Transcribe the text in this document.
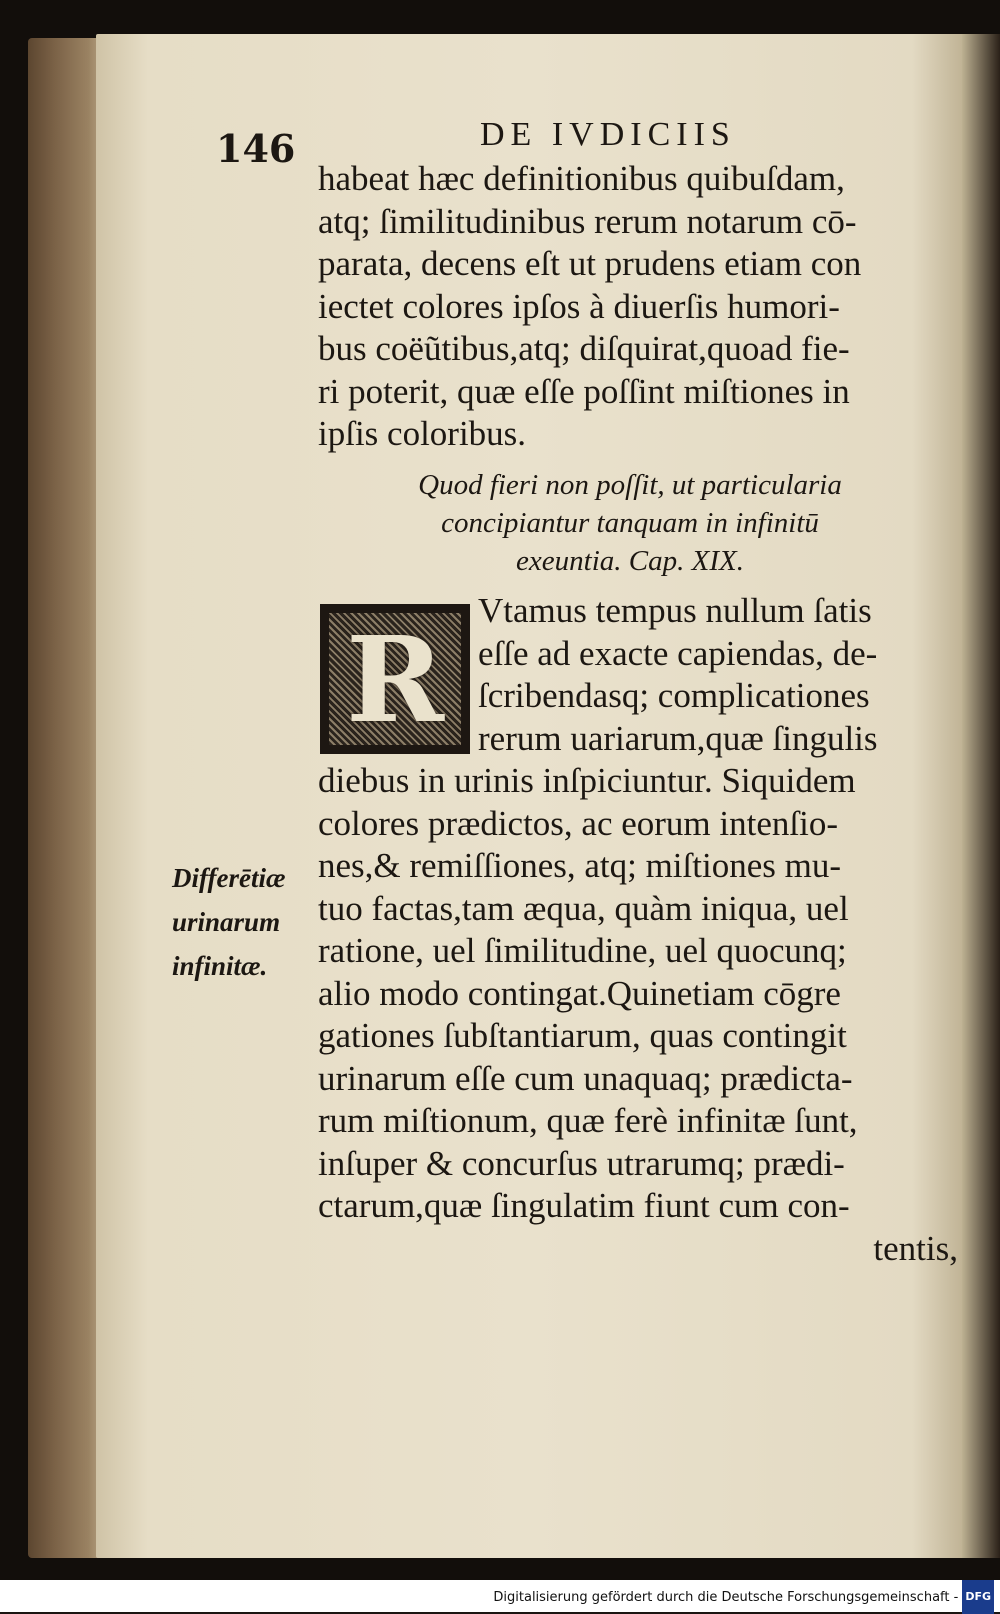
146	DE IVDICIIS
habeat hæc definitionibus quibuſdam,
atq; ſimilitudinibus rerum notarum cō-
parata, decens eſt ut prudens etiam con
iectet colores ipſos à diuerſis humori-
bus coëũtibus,atq; diſquirat,quoad fie-
ri poterit, quæ eſſe poſſint miſtiones in
ipſis coloribus.
Quod fieri non poſſit, ut particularia
concipiantur tanquam in infinitū
exeuntia. Cap. XIX.
R Vtamus tempus nullum ſatis
eſſe ad exacte capiendas, de-
ſcribendasq; complicationes
rerum uariarum,quæ ſingulis
diebus in urinis inſpiciuntur. Siquidem
colores prædictos, ac eorum intenſio-
nes,& remiſſiones, atq; miſtiones mu-
tuo factas,tam æqua, quàm iniqua, uel
ratione, uel ſimilitudine, uel quocunq;
alio modo contingat.Quinetiam cōgre
gationes ſubſtantiarum, quas contingit
urinarum eſſe cum unaquaq; prædicta-
rum miſtionum, quæ ferè infinitæ ſunt,
inſuper & concurſus utrarumq; prædi-
ctarum,quæ ſingulatim fiunt cum con-
tentis,
Differētiæ
urinarum
infinitæ.
Digitalisierung gefördert durch die Deutsche Forschungsgemeinschaft - DFG
